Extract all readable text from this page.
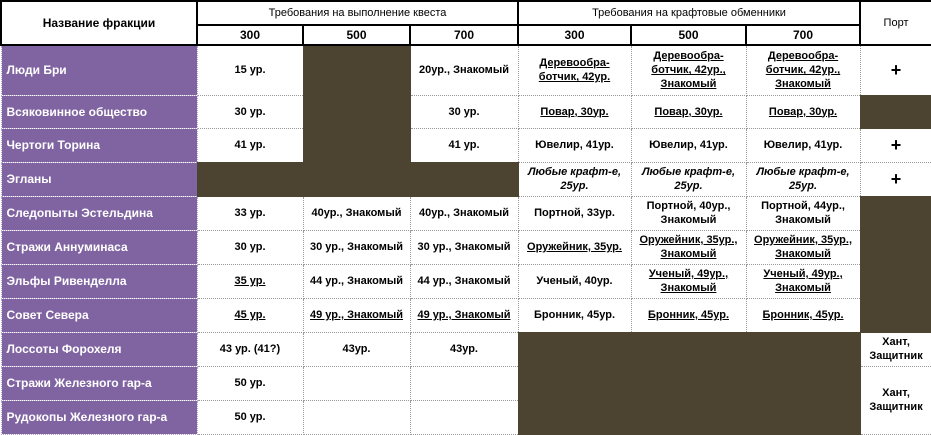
Название фракции	Требования на выполнение квеста			Требования на крафтовые обменники			Порт
	300	500	700	300	500	700	
Люди Бри	15 ур.		20ур., Знакомый	Деревообра-ботчик, 42ур.	Деревообра-ботчик, 42ур., Знакомый	Деревообра-ботчик, 42ур., Знакомый	+
Всяковинное общество	30 ур.		30 ур.	Повар, 30ур.	Повар, 30ур.	Повар, 30ур.	
Чертоги Торина	41 ур.		41 ур.	Ювелир, 41ур.	Ювелир, 41ур.	Ювелир, 41ур.	+
Эгланы				Любые крафт-е, 25ур.	Любые крафт-е, 25ур.	Любые крафт-е, 25ур.	+
Следопыты Эстельдина	33 ур.	40ур., Знакомый	40ур., Знакомый	Портной, 33ур.	Портной, 40ур., Знакомый	Портной, 44ур., Знакомый	
Стражи Аннуминаса	30 ур.	30 ур., Знакомый	30 ур., Знакомый	Оружейник, 35ур.	Оружейник, 35ур., Знакомый	Оружейник, 35ур., Знакомый	
Эльфы Ривенделла	35 ур.	44 ур., Знакомый	44 ур., Знакомый	Ученый, 40ур.	Ученый, 49ур., Знакомый	Ученый, 49ур., Знакомый	
Совет Севера	45 ур.	49 ур., Знакомый	49 ур., Знакомый	Бронник, 45ур.	Бронник, 45ур.	Бронник, 45ур.	
Лоссоты Форохеля	43 ур. (41?)	43ур.	43ур.				Хант, Защитник
Стражи Железного гар-а	50 ур.						Хант, Защитник
Рудокопы Железного гар-а	50 ур.						
